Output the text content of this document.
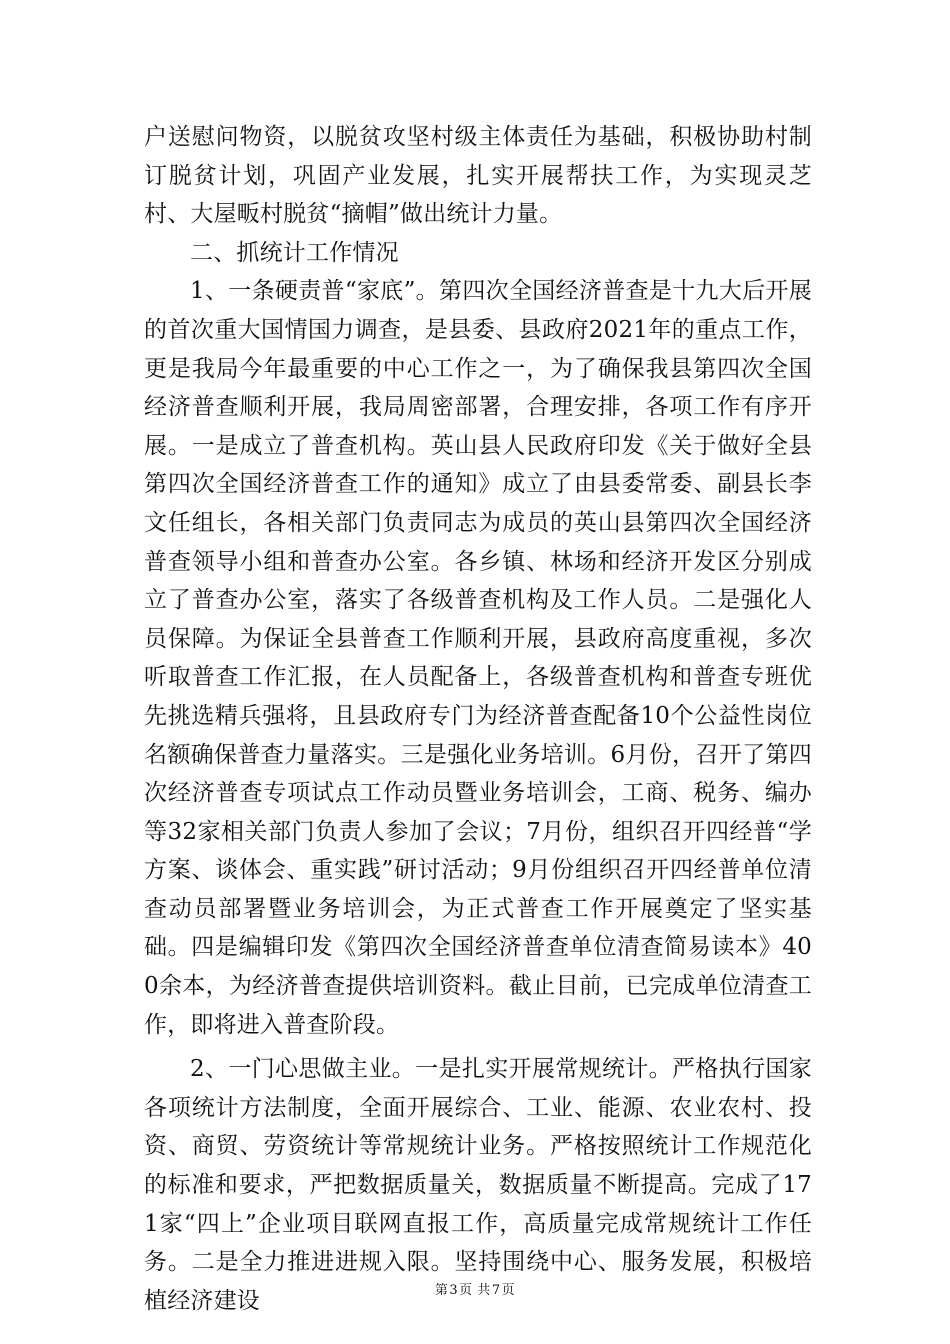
户送慰问物资，以脱贫攻坚村级主体责任为基础，积极协助村制订脱贫计划，巩固产业发展，扎实开展帮扶工作，为实现灵芝村、大屋畈村脱贫“摘帽”做出统计力量。

二、抓统计工作情况

1、一条硬责普“家底”。第四次全国经济普查是十九大后开展的首次重大国情国力调查，是县委、县政府2021年的重点工作，更是我局今年最重要的中心工作之一，为了确保我县第四次全国经济普查顺利开展，我局周密部署，合理安排，各项工作有序开展。一是成立了普查机构。英山县人民政府印发《关于做好全县第四次全国经济普查工作的通知》成立了由县委常委、副县长李文任组长，各相关部门负责同志为成员的英山县第四次全国经济普查领导小组和普查办公室。各乡镇、林场和经济开发区分别成立了普查办公室，落实了各级普查机构及工作人员。二是强化人员保障。为保证全县普查工作顺利开展，县政府高度重视，多次听取普查工作汇报，在人员配备上，各级普查机构和普查专班优先挑选精兵强将，且县政府专门为经济普查配备10个公益性岗位名额确保普查力量落实。三是强化业务培训。6月份，召开了第四次经济普查专项试点工作动员暨业务培训会，工商、税务、编办等32家相关部门负责人参加了会议；7月份，组织召开四经普“学方案、谈体会、重实践”研讨活动；9月份组织召开四经普单位清查动员部署暨业务培训会，为正式普查工作开展奠定了坚实基础。四是编辑印发《第四次全国经济普查单位清查简易读本》400余本，为经济普查提供培训资料。截止目前，已完成单位清查工作，即将进入普查阶段。

2、一门心思做主业。一是扎实开展常规统计。严格执行国家各项统计方法制度，全面开展综合、工业、能源、农业农村、投资、商贸、劳资统计等常规统计业务。严格按照统计工作规范化的标准和要求，严把数据质量关，数据质量不断提高。完成了171家“四上”企业项目联网直报工作，高质量完成常规统计工作任务。二是全力推进进规入限。坚持围绕中心、服务发展，积极培植经济建设	第3页 共7页
